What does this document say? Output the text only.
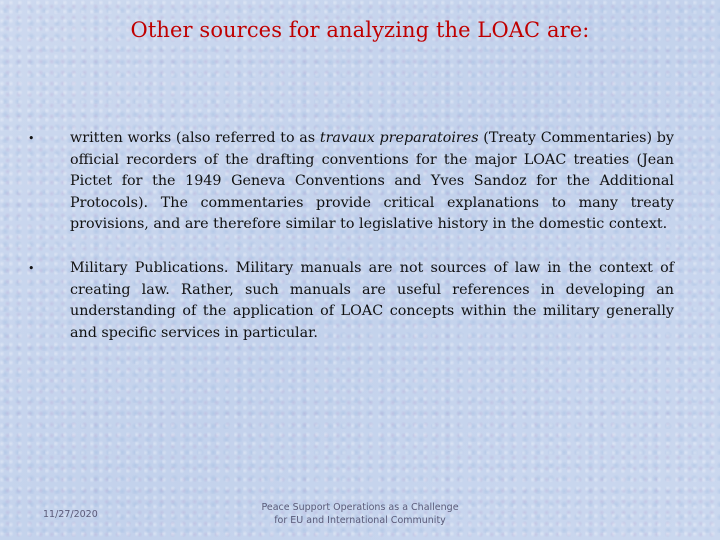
Other sources for analyzing the LOAC are:
• written works (also referred to as travaux preparatoires (Treaty Commentaries) by official recorders of the drafting conventions for the major LOAC treaties (Jean Pictet for the 1949 Geneva Conventions and Yves Sandoz for the Additional Protocols). The commentaries provide critical explanations to many treaty provisions, and are therefore similar to legislative history in the domestic context.
• Military Publications. Military manuals are not sources of law in the context of creating law. Rather, such manuals are useful references in developing an understanding of the application of LOAC concepts within the military generally and specific services in particular.
11/27/2020
Peace Support Operations as a Challenge
for EU and International Community
